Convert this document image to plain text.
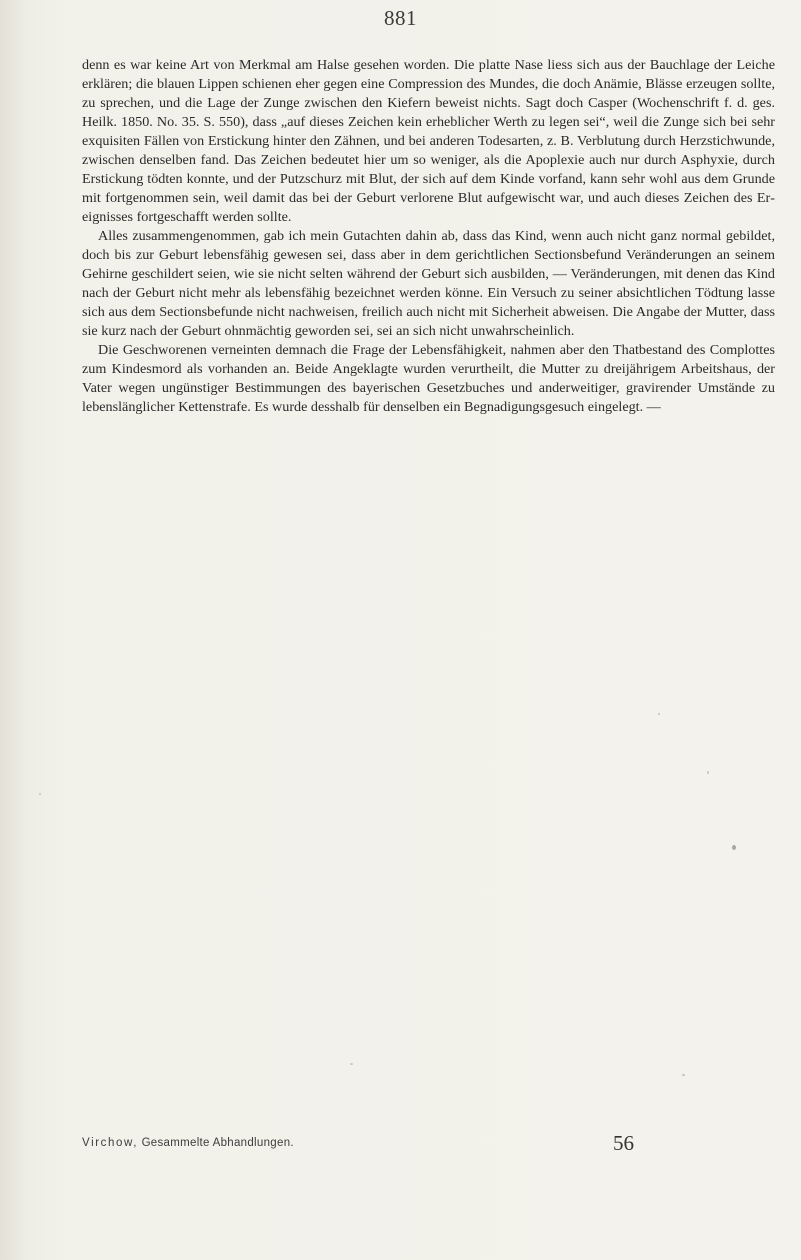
881

denn es war keine Art von Merkmal am Halse gesehen worden. Die platte Nase liess sich aus der Bauchlage der Leiche erklären; die blauen Lippen schienen eher gegen eine Compression des Mundes, die doch Anämie, Blässe erzeugen sollte, zu sprechen, und die Lage der Zunge zwischen den Kiefern beweist nichts. Sagt doch Casper (Wochenschrift f. d. ges. Heilk. 1850. No. 35. S. 550), dass „auf dieses Zeichen kein erheblicher Werth zu legen sei“, weil die Zunge sich bei sehr exquisiten Fällen von Erstickung hinter den Zähnen, und bei anderen Todesarten, z. B. Verblutung durch Herzstichwunde, zwischen denselben fand. Das Zeichen bedeutet hier um so weniger, als die Apoplexie auch nur durch Asphyxie, durch Erstickung tödten konnte, und der Putzschurz mit Blut, der sich auf dem Kinde vorfand, kann sehr wohl aus dem Grunde mit fortgenommen sein, weil damit das bei der Geburt verlorene Blut aufgewischt war, und auch dieses Zeichen des Ereignisses fortgeschafft werden sollte.

Alles zusammengenommen, gab ich mein Gutachten dahin ab, dass das Kind, wenn auch nicht ganz normal gebildet, doch bis zur Geburt lebensfähig gewesen sei, dass aber in dem gerichtlichen Sectionsbefund Veränderungen an seinem Gehirne geschildert seien, wie sie nicht selten während der Geburt sich ausbilden, — Veränderungen, mit denen das Kind nach der Geburt nicht mehr als lebensfähig bezeichnet werden könne. Ein Versuch zu seiner absichtlichen Tödtung lasse sich aus dem Sectionsbefunde nicht nachweisen, freilich auch nicht mit Sicherheit abweisen. Die Angabe der Mutter, dass sie kurz nach der Geburt ohnmächtig geworden sei, sei an sich nicht unwahrscheinlich.

Die Geschworenen verneinten demnach die Frage der Lebensfähigkeit, nahmen aber den Thatbestand des Complottes zum Kindesmord als vorhanden an. Beide Angeklagte wurden verurtheilt, die Mutter zu dreijährigem Arbeitshaus, der Vater wegen ungünstiger Bestimmungen des bayerischen Gesetzbuches und anderweitiger, gravirender Umstände zu lebenslänglicher Kettenstrafe. Es wurde desshalb für denselben ein Begnadigungsgesuch eingelegt. —

Virchow, Gesammelte Abhandlungen.	56
